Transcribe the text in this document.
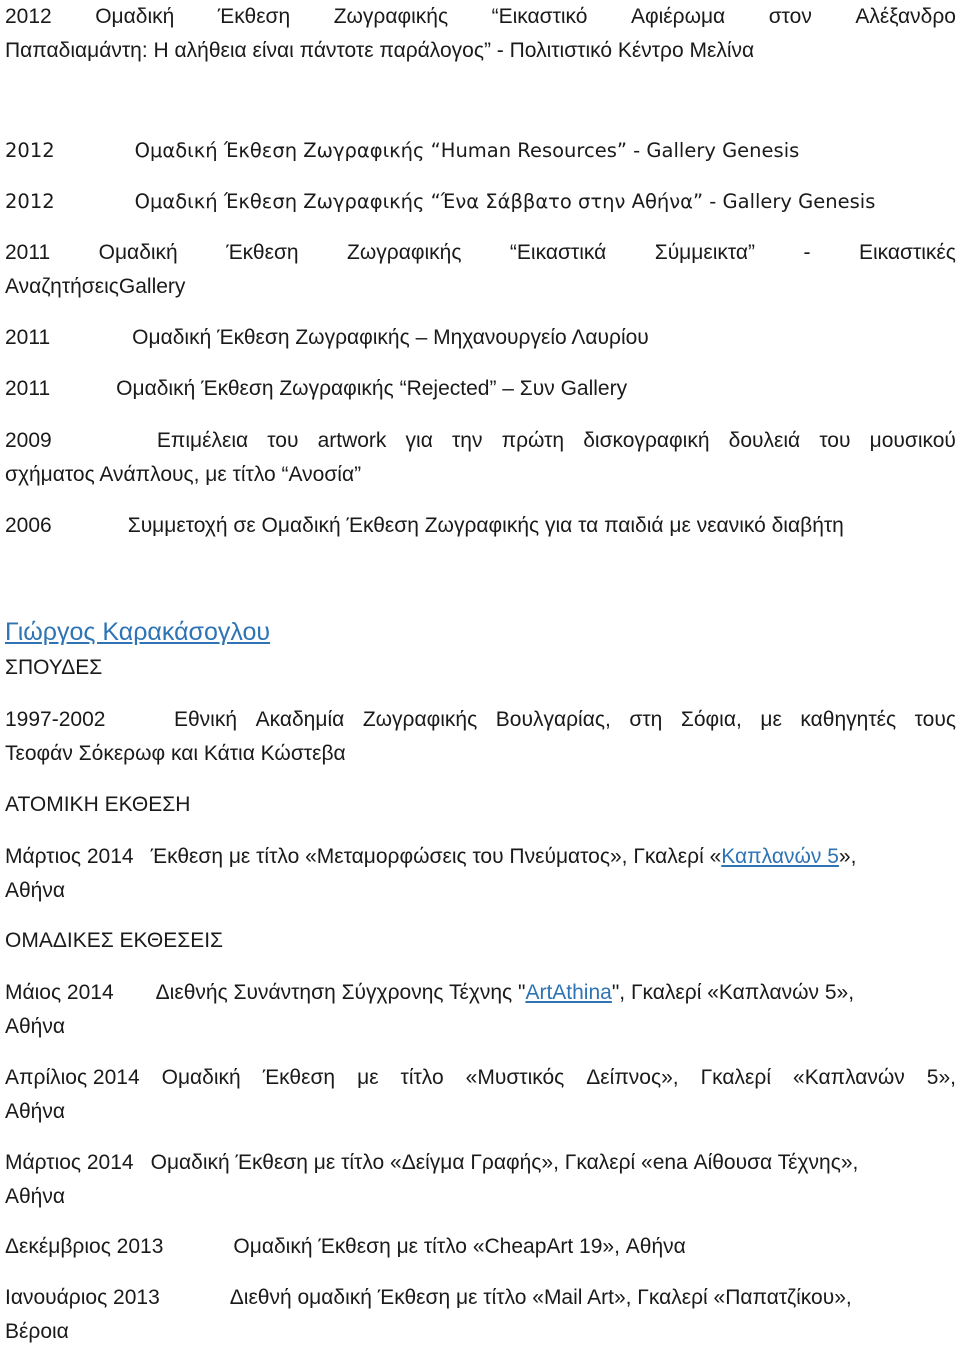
2012 Ομαδική Έκθεση Ζωγραφικής “Εικαστικό Αφιέρωμα στον Αλέξανδρο
Παπαδιαμάντη: Η αλήθεια είναι πάντοτε παράλογος” - Πολιτιστικό Κέντρο Μελίνα
2012	Ομαδική Έκθεση Ζωγραφικής “Human Resources” - Gallery Genesis
2012	Ομαδική Έκθεση Ζωγραφικής “Ένα Σάββατο στην Αθήνα” - Gallery Genesis
2011 Ομαδική Έκθεση Ζωγραφικής “Εικαστικά Σύμμεικτα” - Εικαστικές
ΑναζητήσειςGallery
2011	Ομαδική Έκθεση Ζωγραφικής – Μηχανουργείο Λαυρίου
2011	Ομαδική Έκθεση Ζωγραφικής “Rejected” – Συν Gallery
2009	Επιμέλεια του artwork για την πρώτη δισκογραφική δουλειά του μουσικού
σχήματος Ανάπλους, με τίτλο “Ανοσία”
2006	Συμμετοχή σε Ομαδική Έκθεση Ζωγραφικής για τα παιδιά με νεανικό διαβήτη
Γιώργος Καρακάσογλου
ΣΠΟΥΔΕΣ
1997-2002	Εθνική Ακαδημία Ζωγραφικής Βουλγαρίας, στη Σόφια, με καθηγητές τους
Τεοφάν Σόκερωφ και Κάτια Κώστεβα
ΑΤΟΜΙΚΗ ΕΚΘΕΣΗ
Μάρτιος 2014 Έκθεση με τίτλο «Μεταμορφώσεις του Πνεύματος», Γκαλερί «Καπλανών 5»,
Αθήνα
ΟΜΑΔΙΚΕΣ ΕΚΘΕΣΕΙΣ
Μάιος 2014 Διεθνής Συνάντηση Σύγχρονης Τέχνης "ArtAthina", Γκαλερί «Καπλανών 5»,
Αθήνα
Απρίλιος 2014 Ομαδική Έκθεση με τίτλο «Μυστικός Δείπνος», Γκαλερί «Καπλανών 5»,
Αθήνα
Μάρτιος 2014 Ομαδική Έκθεση με τίτλο «Δείγμα Γραφής», Γκαλερί «ena Αίθουσα Τέχνης»,
Αθήνα
Δεκέμβριος 2013	Ομαδική Έκθεση με τίτλο «CheapArt 19», Αθήνα
Ιανουάριος 2013	Διεθνή ομαδική Έκθεση με τίτλο «Mail Art», Γκαλερί «Παπατζίκου»,
Βέροια
